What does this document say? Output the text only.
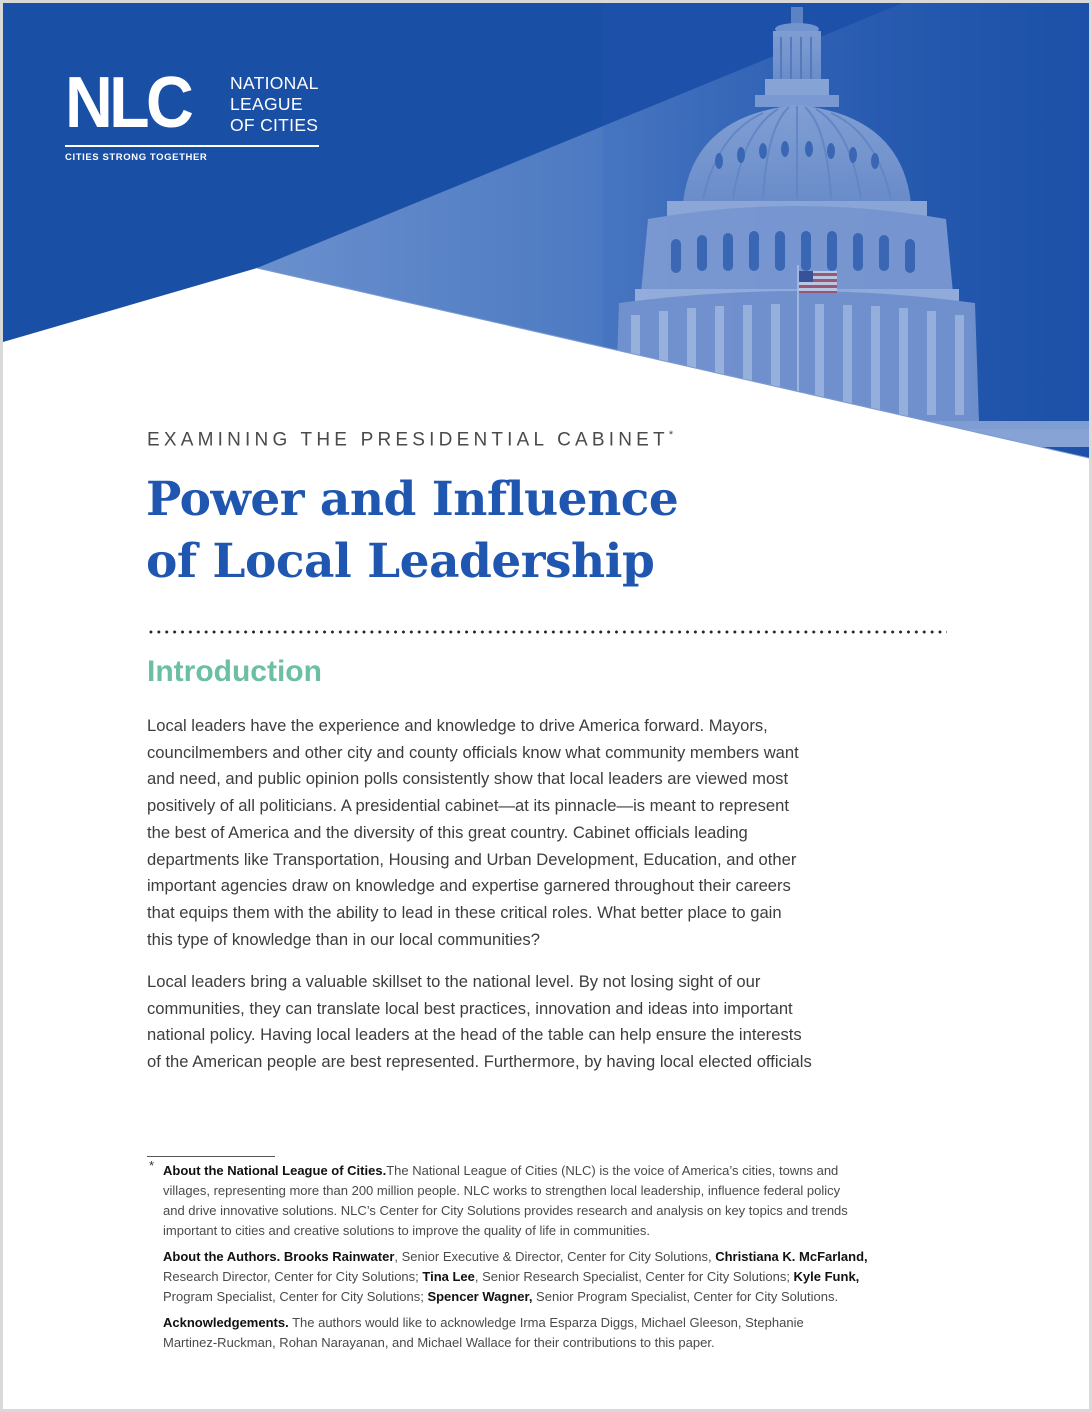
NLC NATIONAL
LEAGUE
OF CITIES
CITIES STRONG TOGETHER
EXAMINING THE PRESIDENTIAL CABINET*
Power and Influence
of Local Leadership
Introduction

Local leaders have the experience and knowledge to drive America forward. Mayors,
councilmembers and other city and county officials know what community members want
and need, and public opinion polls consistently show that local leaders are viewed most
positively of all politicians. A presidential cabinet—at its pinnacle—is meant to represent
the best of America and the diversity of this great country. Cabinet officials leading
departments like Transportation, Housing and Urban Development, Education, and other
important agencies draw on knowledge and expertise garnered throughout their careers
that equips them with the ability to lead in these critical roles. What better place to gain
this type of knowledge than in our local communities?

Local leaders bring a valuable skillset to the national level. By not losing sight of our
communities, they can translate local best practices, innovation and ideas into important
national policy. Having local leaders at the head of the table can help ensure the interests
of the American people are best represented. Furthermore, by having local elected officials

* About the National League of Cities.The National League of Cities (NLC) is the voice of America’s cities, towns and
villages, representing more than 200 million people. NLC works to strengthen local leadership, influence federal policy
and drive innovative solutions. NLC’s Center for City Solutions provides research and analysis on key topics and trends
important to cities and creative solutions to improve the quality of life in communities.
About the Authors. Brooks Rainwater, Senior Executive & Director, Center for City Solutions, Christiana K. McFarland,
Research Director, Center for City Solutions; Tina Lee, Senior Research Specialist, Center for City Solutions; Kyle Funk,
Program Specialist, Center for City Solutions; Spencer Wagner, Senior Program Specialist, Center for City Solutions.
Acknowledgements. The authors would like to acknowledge Irma Esparza Diggs, Michael Gleeson, Stephanie
Martinez-Ruckman, Rohan Narayanan, and Michael Wallace for their contributions to this paper.
